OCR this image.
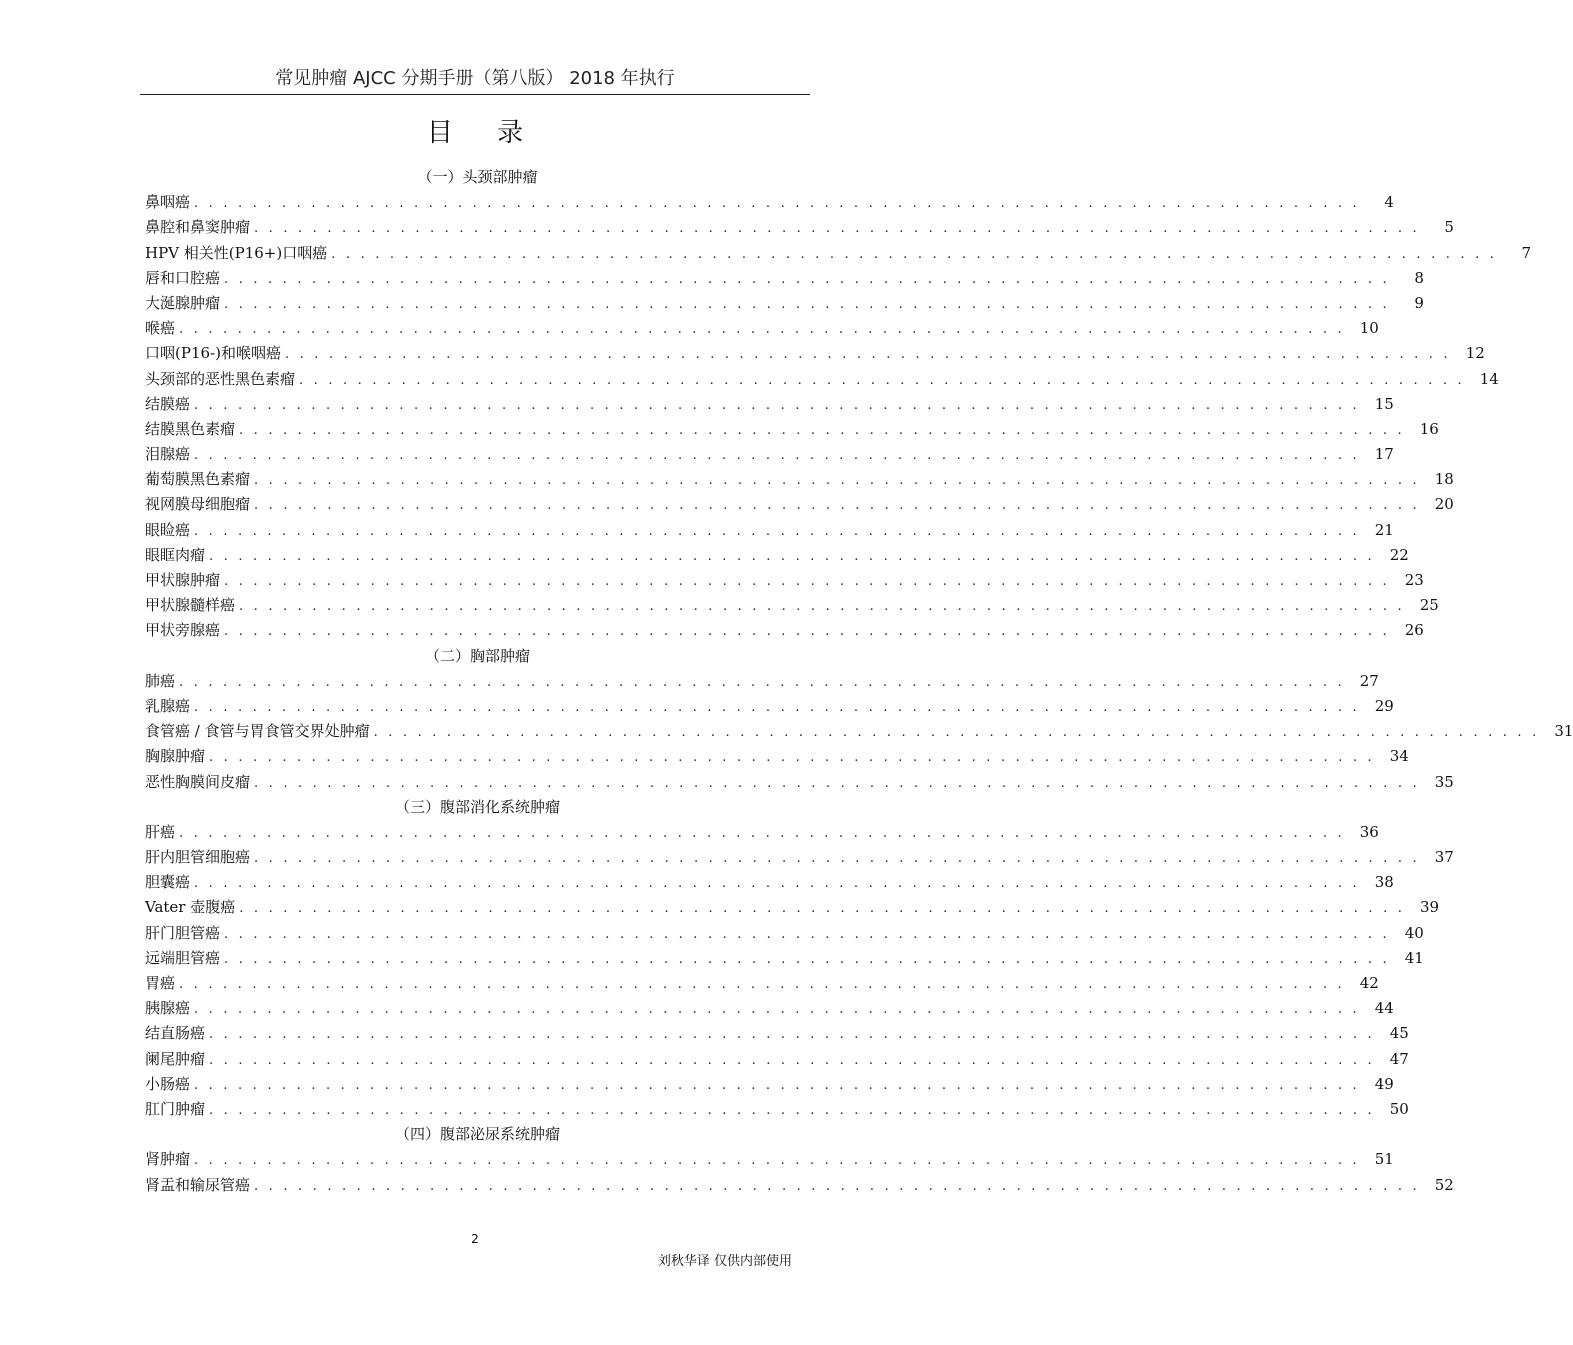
常见肿瘤 AJCC 分期手册（第八版） 2018 年执行
目 录
（一）头颈部肿瘤
鼻咽癌 . . . . . . . . . . . . . . . . . . . . . . . . . . . . . . . . . . . . . . . . . . . . . . . . . . . . . . . . . . . . . . . . . . . . . . . . . . . . . . . .	4
鼻腔和鼻窦肿瘤 . . . . . . . . . . . . . . . . . . . . . . . . . . . . . . . . . . . . . . . . . . . . . . . . . . . . . . . . . . . . . . . . . . . . . . . . . . . . . . . .	5
HPV 相关性(P16+)口咽癌 . . . . . . . . . . . . . . . . . . . . . . . . . . . . . . . . . . . . . . . . . . . . . . . . . . . . . . . . . . . . . . . . . . . . . . . . . . . . . . . .	7
唇和口腔癌 . . . . . . . . . . . . . . . . . . . . . . . . . . . . . . . . . . . . . . . . . . . . . . . . . . . . . . . . . . . . . . . . . . . . . . . . . . . . . . . .	8
大涎腺肿瘤 . . . . . . . . . . . . . . . . . . . . . . . . . . . . . . . . . . . . . . . . . . . . . . . . . . . . . . . . . . . . . . . . . . . . . . . . . . . . . . . .	9
喉癌 . . . . . . . . . . . . . . . . . . . . . . . . . . . . . . . . . . . . . . . . . . . . . . . . . . . . . . . . . . . . . . . . . . . . . . . . . . . . . . . . 10
口咽(P16-)和喉咽癌 . . . . . . . . . . . . . . . . . . . . . . . . . . . . . . . . . . . . . . . . . . . . . . . . . . . . . . . . . . . . . . . . . . . . . . . . . . . . . . . . 12
头颈部的恶性黑色素瘤 . . . . . . . . . . . . . . . . . . . . . . . . . . . . . . . . . . . . . . . . . . . . . . . . . . . . . . . . . . . . . . . . . . . . . . . . . . . . . . . . 14
结膜癌 . . . . . . . . . . . . . . . . . . . . . . . . . . . . . . . . . . . . . . . . . . . . . . . . . . . . . . . . . . . . . . . . . . . . . . . . . . . . . . . . 15
结膜黑色素瘤 . . . . . . . . . . . . . . . . . . . . . . . . . . . . . . . . . . . . . . . . . . . . . . . . . . . . . . . . . . . . . . . . . . . . . . . . . . . . . . . . 16
泪腺癌 . . . . . . . . . . . . . . . . . . . . . . . . . . . . . . . . . . . . . . . . . . . . . . . . . . . . . . . . . . . . . . . . . . . . . . . . . . . . . . . . 17
葡萄膜黑色素瘤 . . . . . . . . . . . . . . . . . . . . . . . . . . . . . . . . . . . . . . . . . . . . . . . . . . . . . . . . . . . . . . . . . . . . . . . . . . . . . . . . 18
视网膜母细胞瘤 . . . . . . . . . . . . . . . . . . . . . . . . . . . . . . . . . . . . . . . . . . . . . . . . . . . . . . . . . . . . . . . . . . . . . . . . . . . . . . . . 20
眼睑癌 . . . . . . . . . . . . . . . . . . . . . . . . . . . . . . . . . . . . . . . . . . . . . . . . . . . . . . . . . . . . . . . . . . . . . . . . . . . . . . . . 21
眼眶肉瘤 . . . . . . . . . . . . . . . . . . . . . . . . . . . . . . . . . . . . . . . . . . . . . . . . . . . . . . . . . . . . . . . . . . . . . . . . . . . . . . . . 22
甲状腺肿瘤 . . . . . . . . . . . . . . . . . . . . . . . . . . . . . . . . . . . . . . . . . . . . . . . . . . . . . . . . . . . . . . . . . . . . . . . . . . . . . . . . 23
甲状腺髓样癌 . . . . . . . . . . . . . . . . . . . . . . . . . . . . . . . . . . . . . . . . . . . . . . . . . . . . . . . . . . . . . . . . . . . . . . . . . . . . . . . . 25
甲状旁腺癌 . . . . . . . . . . . . . . . . . . . . . . . . . . . . . . . . . . . . . . . . . . . . . . . . . . . . . . . . . . . . . . . . . . . . . . . . . . . . . . . . 26
（二）胸部肿瘤
肺癌 . . . . . . . . . . . . . . . . . . . . . . . . . . . . . . . . . . . . . . . . . . . . . . . . . . . . . . . . . . . . . . . . . . . . . . . . . . . . . . . . 27
乳腺癌 . . . . . . . . . . . . . . . . . . . . . . . . . . . . . . . . . . . . . . . . . . . . . . . . . . . . . . . . . . . . . . . . . . . . . . . . . . . . . . . . 29
食管癌 / 食管与胃食管交界处肿瘤 . . . . . . . . . . . . . . . . . . . . . . . . . . . . . . . . . . . . . . . . . . . . . . . . . . . . . . . . . . . . . . . . . . . . . . . . . . . . . . . . 31
胸腺肿瘤 . . . . . . . . . . . . . . . . . . . . . . . . . . . . . . . . . . . . . . . . . . . . . . . . . . . . . . . . . . . . . . . . . . . . . . . . . . . . . . . . 34
恶性胸膜间皮瘤 . . . . . . . . . . . . . . . . . . . . . . . . . . . . . . . . . . . . . . . . . . . . . . . . . . . . . . . . . . . . . . . . . . . . . . . . . . . . . . . . 35
（三）腹部消化系统肿瘤
肝癌 . . . . . . . . . . . . . . . . . . . . . . . . . . . . . . . . . . . . . . . . . . . . . . . . . . . . . . . . . . . . . . . . . . . . . . . . . . . . . . . . 36
肝内胆管细胞癌 . . . . . . . . . . . . . . . . . . . . . . . . . . . . . . . . . . . . . . . . . . . . . . . . . . . . . . . . . . . . . . . . . . . . . . . . . . . . . . . . 37
胆囊癌 . . . . . . . . . . . . . . . . . . . . . . . . . . . . . . . . . . . . . . . . . . . . . . . . . . . . . . . . . . . . . . . . . . . . . . . . . . . . . . . . 38
Vater 壶腹癌 . . . . . . . . . . . . . . . . . . . . . . . . . . . . . . . . . . . . . . . . . . . . . . . . . . . . . . . . . . . . . . . . . . . . . . . . . . . . . . . . 39
肝门胆管癌 . . . . . . . . . . . . . . . . . . . . . . . . . . . . . . . . . . . . . . . . . . . . . . . . . . . . . . . . . . . . . . . . . . . . . . . . . . . . . . . . 40
远端胆管癌 . . . . . . . . . . . . . . . . . . . . . . . . . . . . . . . . . . . . . . . . . . . . . . . . . . . . . . . . . . . . . . . . . . . . . . . . . . . . . . . . 41
胃癌 . . . . . . . . . . . . . . . . . . . . . . . . . . . . . . . . . . . . . . . . . . . . . . . . . . . . . . . . . . . . . . . . . . . . . . . . . . . . . . . . 42
胰腺癌 . . . . . . . . . . . . . . . . . . . . . . . . . . . . . . . . . . . . . . . . . . . . . . . . . . . . . . . . . . . . . . . . . . . . . . . . . . . . . . . . 44
结直肠癌 . . . . . . . . . . . . . . . . . . . . . . . . . . . . . . . . . . . . . . . . . . . . . . . . . . . . . . . . . . . . . . . . . . . . . . . . . . . . . . . . 45
阑尾肿瘤 . . . . . . . . . . . . . . . . . . . . . . . . . . . . . . . . . . . . . . . . . . . . . . . . . . . . . . . . . . . . . . . . . . . . . . . . . . . . . . . . 47
小肠癌 . . . . . . . . . . . . . . . . . . . . . . . . . . . . . . . . . . . . . . . . . . . . . . . . . . . . . . . . . . . . . . . . . . . . . . . . . . . . . . . . 49
肛门肿瘤 . . . . . . . . . . . . . . . . . . . . . . . . . . . . . . . . . . . . . . . . . . . . . . . . . . . . . . . . . . . . . . . . . . . . . . . . . . . . . . . . 50
（四）腹部泌尿系统肿瘤
肾肿瘤 . . . . . . . . . . . . . . . . . . . . . . . . . . . . . . . . . . . . . . . . . . . . . . . . . . . . . . . . . . . . . . . . . . . . . . . . . . . . . . . . 51
肾盂和输尿管癌 . . . . . . . . . . . . . . . . . . . . . . . . . . . . . . . . . . . . . . . . . . . . . . . . . . . . . . . . . . . . . . . . . . . . . . . . . . . . . . . . 52
2
刘秋华译 仅供内部使用
